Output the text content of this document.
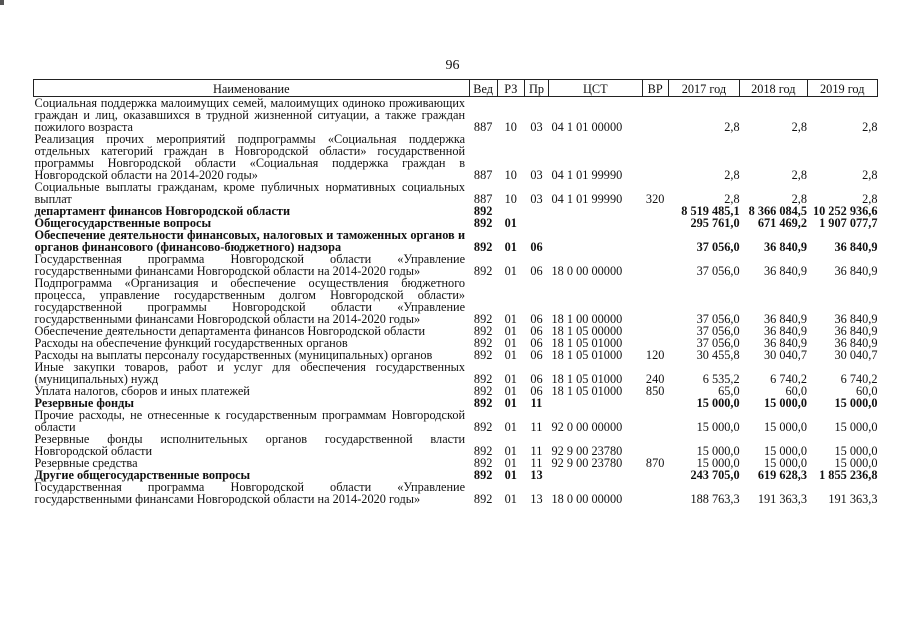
96
Наименование	Вед	РЗ	Пр	ЦСТ	ВР	2017 год	2018 год	2019 год
Социальная поддержка малоимущих семей, малоимущих одиноко проживающих граждан и лиц, оказавшихся в трудной жизненной ситуации, а также граждан пожилого возраста	887	10	03	04 1 01 00000		2,8	2,8	2,8
Реализация прочих мероприятий подпрограммы «Социальная поддержка отдельных категорий граждан в Новгородской области» государственной программы Новгородской области «Социальная поддержка граждан в Новгородской области на 2014-2020 годы»	887	10	03	04 1 01 99990		2,8	2,8	2,8
Социальные выплаты гражданам, кроме публичных нормативных социальных выплат	887	10	03	04 1 01 99990	320	2,8	2,8	2,8
департамент финансов Новгородской области	892					8 519 485,1	8 366 084,5	10 252 936,6
Общегосударственные вопросы	892	01				295 761,0	671 469,2	1 907 077,7
Обеспечение деятельности финансовых, налоговых и таможенных органов и органов финансового (финансово-бюджетного) надзора	892	01	06			37 056,0	36 840,9	36 840,9
Государственная программа Новгородской области «Управление государственными финансами Новгородской области на 2014-2020 годы»	892	01	06	18 0 00 00000		37 056,0	36 840,9	36 840,9
Подпрограмма «Организация и обеспечение осуществления бюджетного процесса, управление государственным долгом Новгородской области» государственной программы Новгородской области «Управление государственными финансами Новгородской области на 2014-2020 годы»	892	01	06	18 1 00 00000		37 056,0	36 840,9	36 840,9
Обеспечение деятельности департамента финансов Новгородской области	892	01	06	18 1 05 00000		37 056,0	36 840,9	36 840,9
Расходы на обеспечение функций государственных органов	892	01	06	18 1 05 01000		37 056,0	36 840,9	36 840,9
Расходы на выплаты персоналу государственных (муниципальных) органов	892	01	06	18 1 05 01000	120	30 455,8	30 040,7	30 040,7
Иные закупки товаров, работ и услуг для обеспечения государственных (муниципальных) нужд	892	01	06	18 1 05 01000	240	6 535,2	6 740,2	6 740,2
Уплата налогов, сборов и иных платежей	892	01	06	18 1 05 01000	850	65,0	60,0	60,0
Резервные фонды	892	01	11			15 000,0	15 000,0	15 000,0
Прочие расходы, не отнесенные к государственным программам Новгородской области	892	01	11	92 0 00 00000		15 000,0	15 000,0	15 000,0
Резервные фонды исполнительных органов государственной власти Новгородской области	892	01	11	92 9 00 23780		15 000,0	15 000,0	15 000,0
Резервные средства	892	01	11	92 9 00 23780	870	15 000,0	15 000,0	15 000,0
Другие общегосударственные вопросы	892	01	13			243 705,0	619 628,3	1 855 236,8
Государственная программа Новгородской области «Управление государственными финансами Новгородской области на 2014-2020 годы»	892	01	13	18 0 00 00000		188 763,3	191 363,3	191 363,3
